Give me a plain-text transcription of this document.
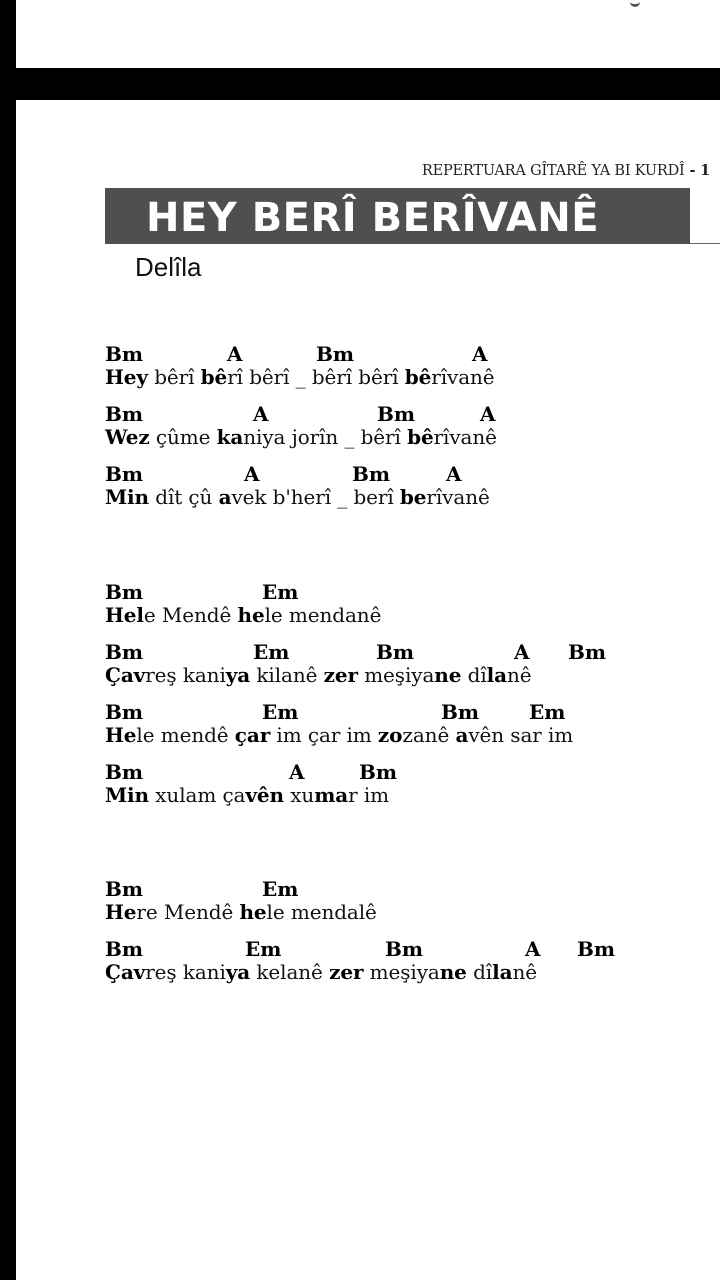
REPERTUARA GÎTARÊ YA BI KURDÎ - 1
HEY BERÎ BERÎVANÊ
Delîla
Bm	A	Bm	A
Hey bêrî bêrî bêrî _ bêrî bêrî bêrîvanê
Bm	A	Bm	A
Wez çûme kaniya jorîn _ bêrî bêrîvanê
Bm	A	Bm	A
Min dît çû avek b'herî _ berî berîvanê
Bm	Em
Hele Mendê hele mendanê
Bm	Em	Bm	A Bm
Çavreş kaniya kilanê zer meşiyane dîlanê
Bm	Em	Bm Em
Hele mendê çar im çar im zozanê avên sar im
Bm	A	Bm
Min xulam çavên xumar im
Bm	Em
Here Mendê hele mendalê
Bm	Em	Bm	A Bm
Çavreş kaniya kelanê zer meşiyane dîlanê
